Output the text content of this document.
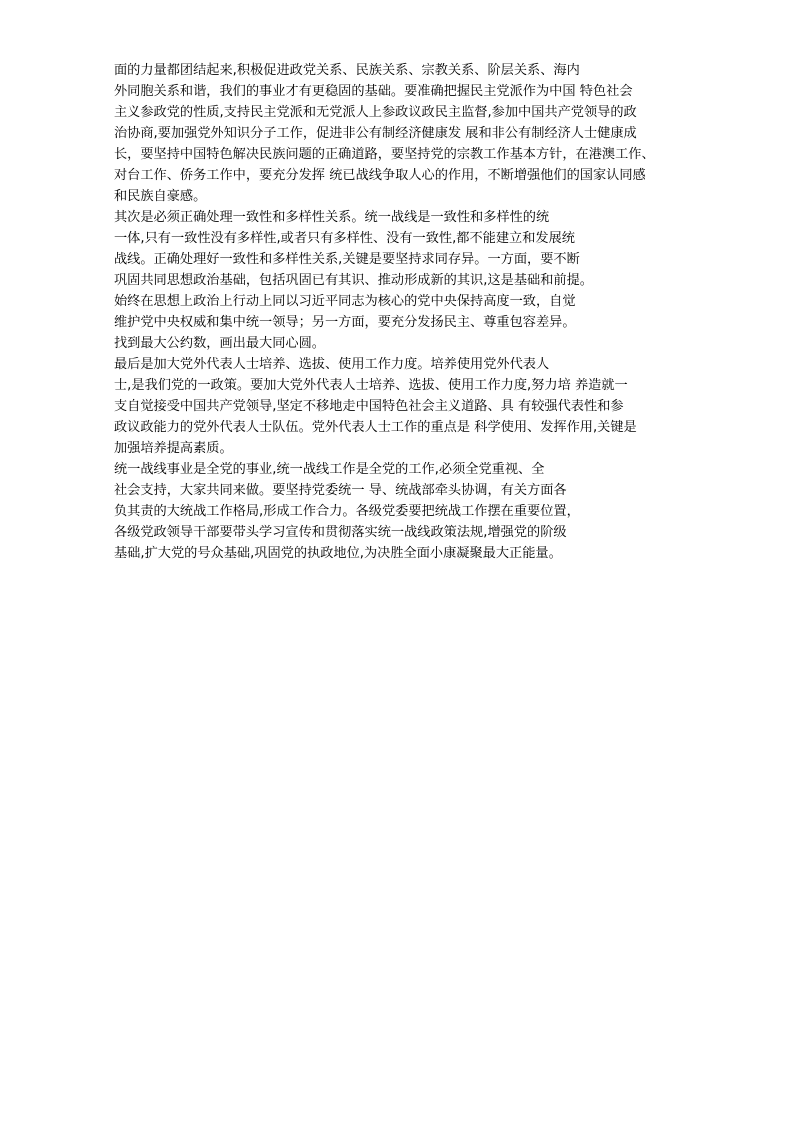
面的力量都团结起来,积极促进政党关系、民族关系、宗教关系、阶层关系、海内
外同胞关系和谐，我们的事业才有更稳固的基础。要准确把握民主党派作为中国 特色社会
主义参政党的性质,支持民主党派和无党派人上参政议政民主监督,参加中国共产党领导的政
治协商,要加强党外知识分子工作，促进非公有制经济健康发 展和非公有制经济人士健康成
长，要坚持中国特色解决民族问题的正确道路，要坚持党的宗教工作基本方针，在港澳工作、
对台工作、侨务工作中，要充分发挥 统已战线争取人心的作用，不断增强他们的国家认同感
和民族自豪感。
其次是必须正确处理一致性和多样性关系。统一战线是一致性和多样性的统
一体,只有一致性没有多样性,或者只有多样性、没有一致性,都不能建立和发展统
战线。正确处理好一致性和多样性关系,关键是要坚持求同存异。一方面，要不断
巩固共同思想政治基础，包括巩固已有其识、推动形成新的其识,这是基础和前提。
始终在思想上政治上行动上同以习近平同志为核心的党中央保持高度一致，自觉
维护党中央权威和集中统一领导；另一方面，要充分发扬民主、尊重包容差异。
找到最大公约数，画出最大同心圆。
最后是加大党外代表人士培养、选拔、使用工作力度。培养使用党外代表人
士,是我们党的一政策。要加大党外代表人士培养、选拔、使用工作力度,努力培 养造就一
支自觉接受中国共产党领导,坚定不移地走中国特色社会主义道路、具 有较强代表性和参
政议政能力的党外代表人士队伍。党外代表人士工作的重点是 科学使用、发挥作用,关键是
加强培养提高素质。
统一战线事业是全党的事业,统一战线工作是全党的工作,必须全党重视、全
社会支持，大家共同来做。要坚持党委统一 导、统战部牵头协调，有关方面各
负其责的大统战工作格局,形成工作合力。各级党委要把统战工作摆在重要位置，
各级党政领导干部要带头学习宣传和贯彻落实统一战线政策法规,增强党的阶级
基础,扩大党的号众基础,巩固党的执政地位,为决胜全面小康凝聚最大正能量。
